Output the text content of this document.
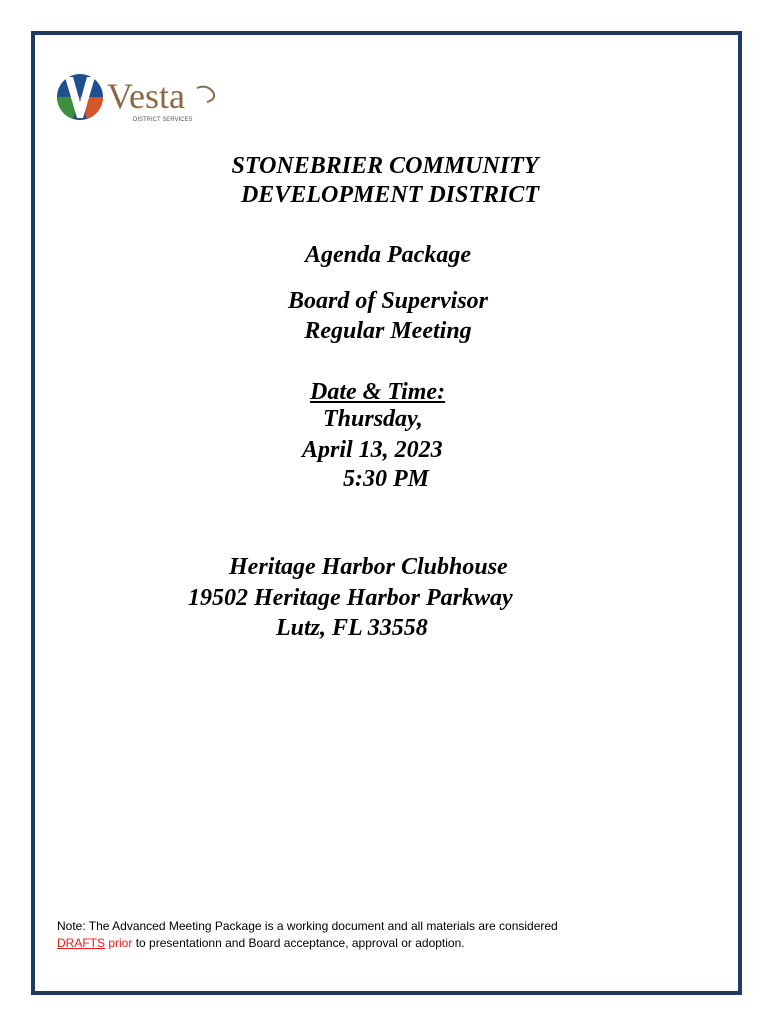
Vesta
DISTRICT SERVICES
STONEBRIER COMMUNITY
DEVELOPMENT DISTRICT
Agenda Package
Board of Supervisor
Regular Meeting
Date & Time:
Thursday,
April 13, 2023
5:30 PM
Heritage Harbor Clubhouse
19502 Heritage Harbor Parkway
Lutz, FL 33558
Note: The Advanced Meeting Package is a working document and all materials are considered
DRAFTS prior to presentationn and Board acceptance, approval or adoption.
